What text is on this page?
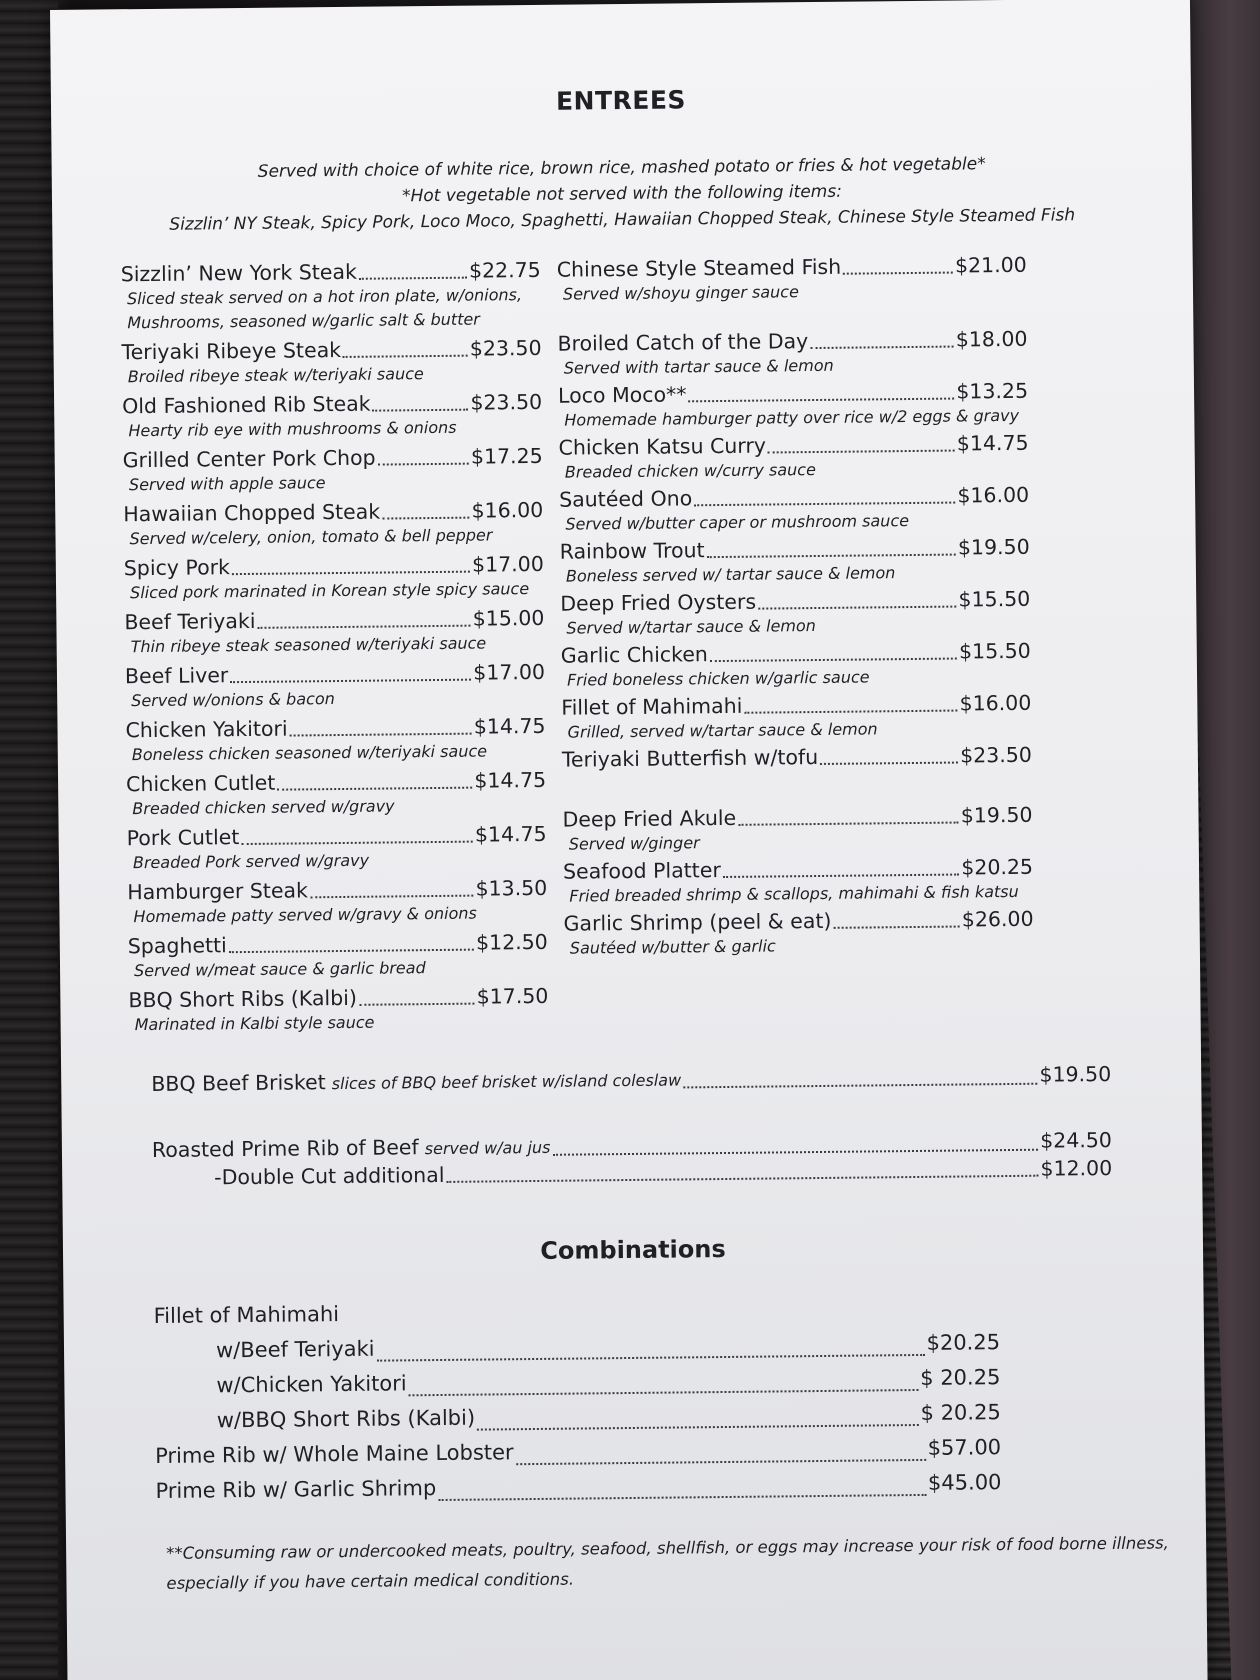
ENTREES
Served with choice of white rice, brown rice, mashed potato or fries & hot vegetable*
*Hot vegetable not served with the following items:
Sizzlin’ NY Steak, Spicy Pork, Loco Moco, Spaghetti, Hawaiian Chopped Steak, Chinese Style Steamed Fish
Sizzlin’ New York Steak	$22.75
Sliced steak served on a hot iron plate, w/onions,
Mushrooms, seasoned w/garlic salt & butter
Teriyaki Ribeye Steak	$23.50
Broiled ribeye steak w/teriyaki sauce
Old Fashioned Rib Steak	$23.50
Hearty rib eye with mushrooms & onions
Grilled Center Pork Chop	$17.25
Served with apple sauce
Hawaiian Chopped Steak	$16.00
Served w/celery, onion, tomato & bell pepper
Spicy Pork	$17.00
Sliced pork marinated in Korean style spicy sauce
Beef Teriyaki	$15.00
Thin ribeye steak seasoned w/teriyaki sauce
Beef Liver	$17.00
Served w/onions & bacon
Chicken Yakitori	$14.75
Boneless chicken seasoned w/teriyaki sauce
Chicken Cutlet	$14.75
Breaded chicken served w/gravy
Pork Cutlet	$14.75
Breaded Pork served w/gravy
Hamburger Steak	$13.50
Homemade patty served w/gravy & onions
Spaghetti	$12.50
Served w/meat sauce & garlic bread
BBQ Short Ribs (Kalbi)	$17.50
Marinated in Kalbi style sauce
Chinese Style Steamed Fish	$21.00
Served w/shoyu ginger sauce
Broiled Catch of the Day	$18.00
Served with tartar sauce & lemon
Loco Moco**	$13.25
Homemade hamburger patty over rice w/2 eggs & gravy
Chicken Katsu Curry	$14.75
Breaded chicken w/curry sauce
Sautéed Ono	$16.00
Served w/butter caper or mushroom sauce
Rainbow Trout	$19.50
Boneless served w/ tartar sauce & lemon
Deep Fried Oysters	$15.50
Served w/tartar sauce & lemon
Garlic Chicken	$15.50
Fried boneless chicken w/garlic sauce
Fillet of Mahimahi	$16.00
Grilled, served w/tartar sauce & lemon
Teriyaki Butterfish w/tofu	$23.50
Deep Fried Akule	$19.50
Served w/ginger
Seafood Platter	$20.25
Fried breaded shrimp & scallops, mahimahi & fish katsu
Garlic Shrimp (peel & eat)	$26.00
Sautéed w/butter & garlic
BBQ Beef Brisket slices of BBQ beef brisket w/island coleslaw	$19.50
Roasted Prime Rib of Beef served w/au jus	$24.50
-Double Cut additional	$12.00
Combinations
Fillet of Mahimahi
w/Beef Teriyaki	$20.25
w/Chicken Yakitori	$ 20.25
w/BBQ Short Ribs (Kalbi)	$ 20.25
Prime Rib w/ Whole Maine Lobster	$57.00
Prime Rib w/ Garlic Shrimp	$45.00
**Consuming raw or undercooked meats, poultry, seafood, shellfish, or eggs may increase your risk of food borne illness,
especially if you have certain medical conditions.
